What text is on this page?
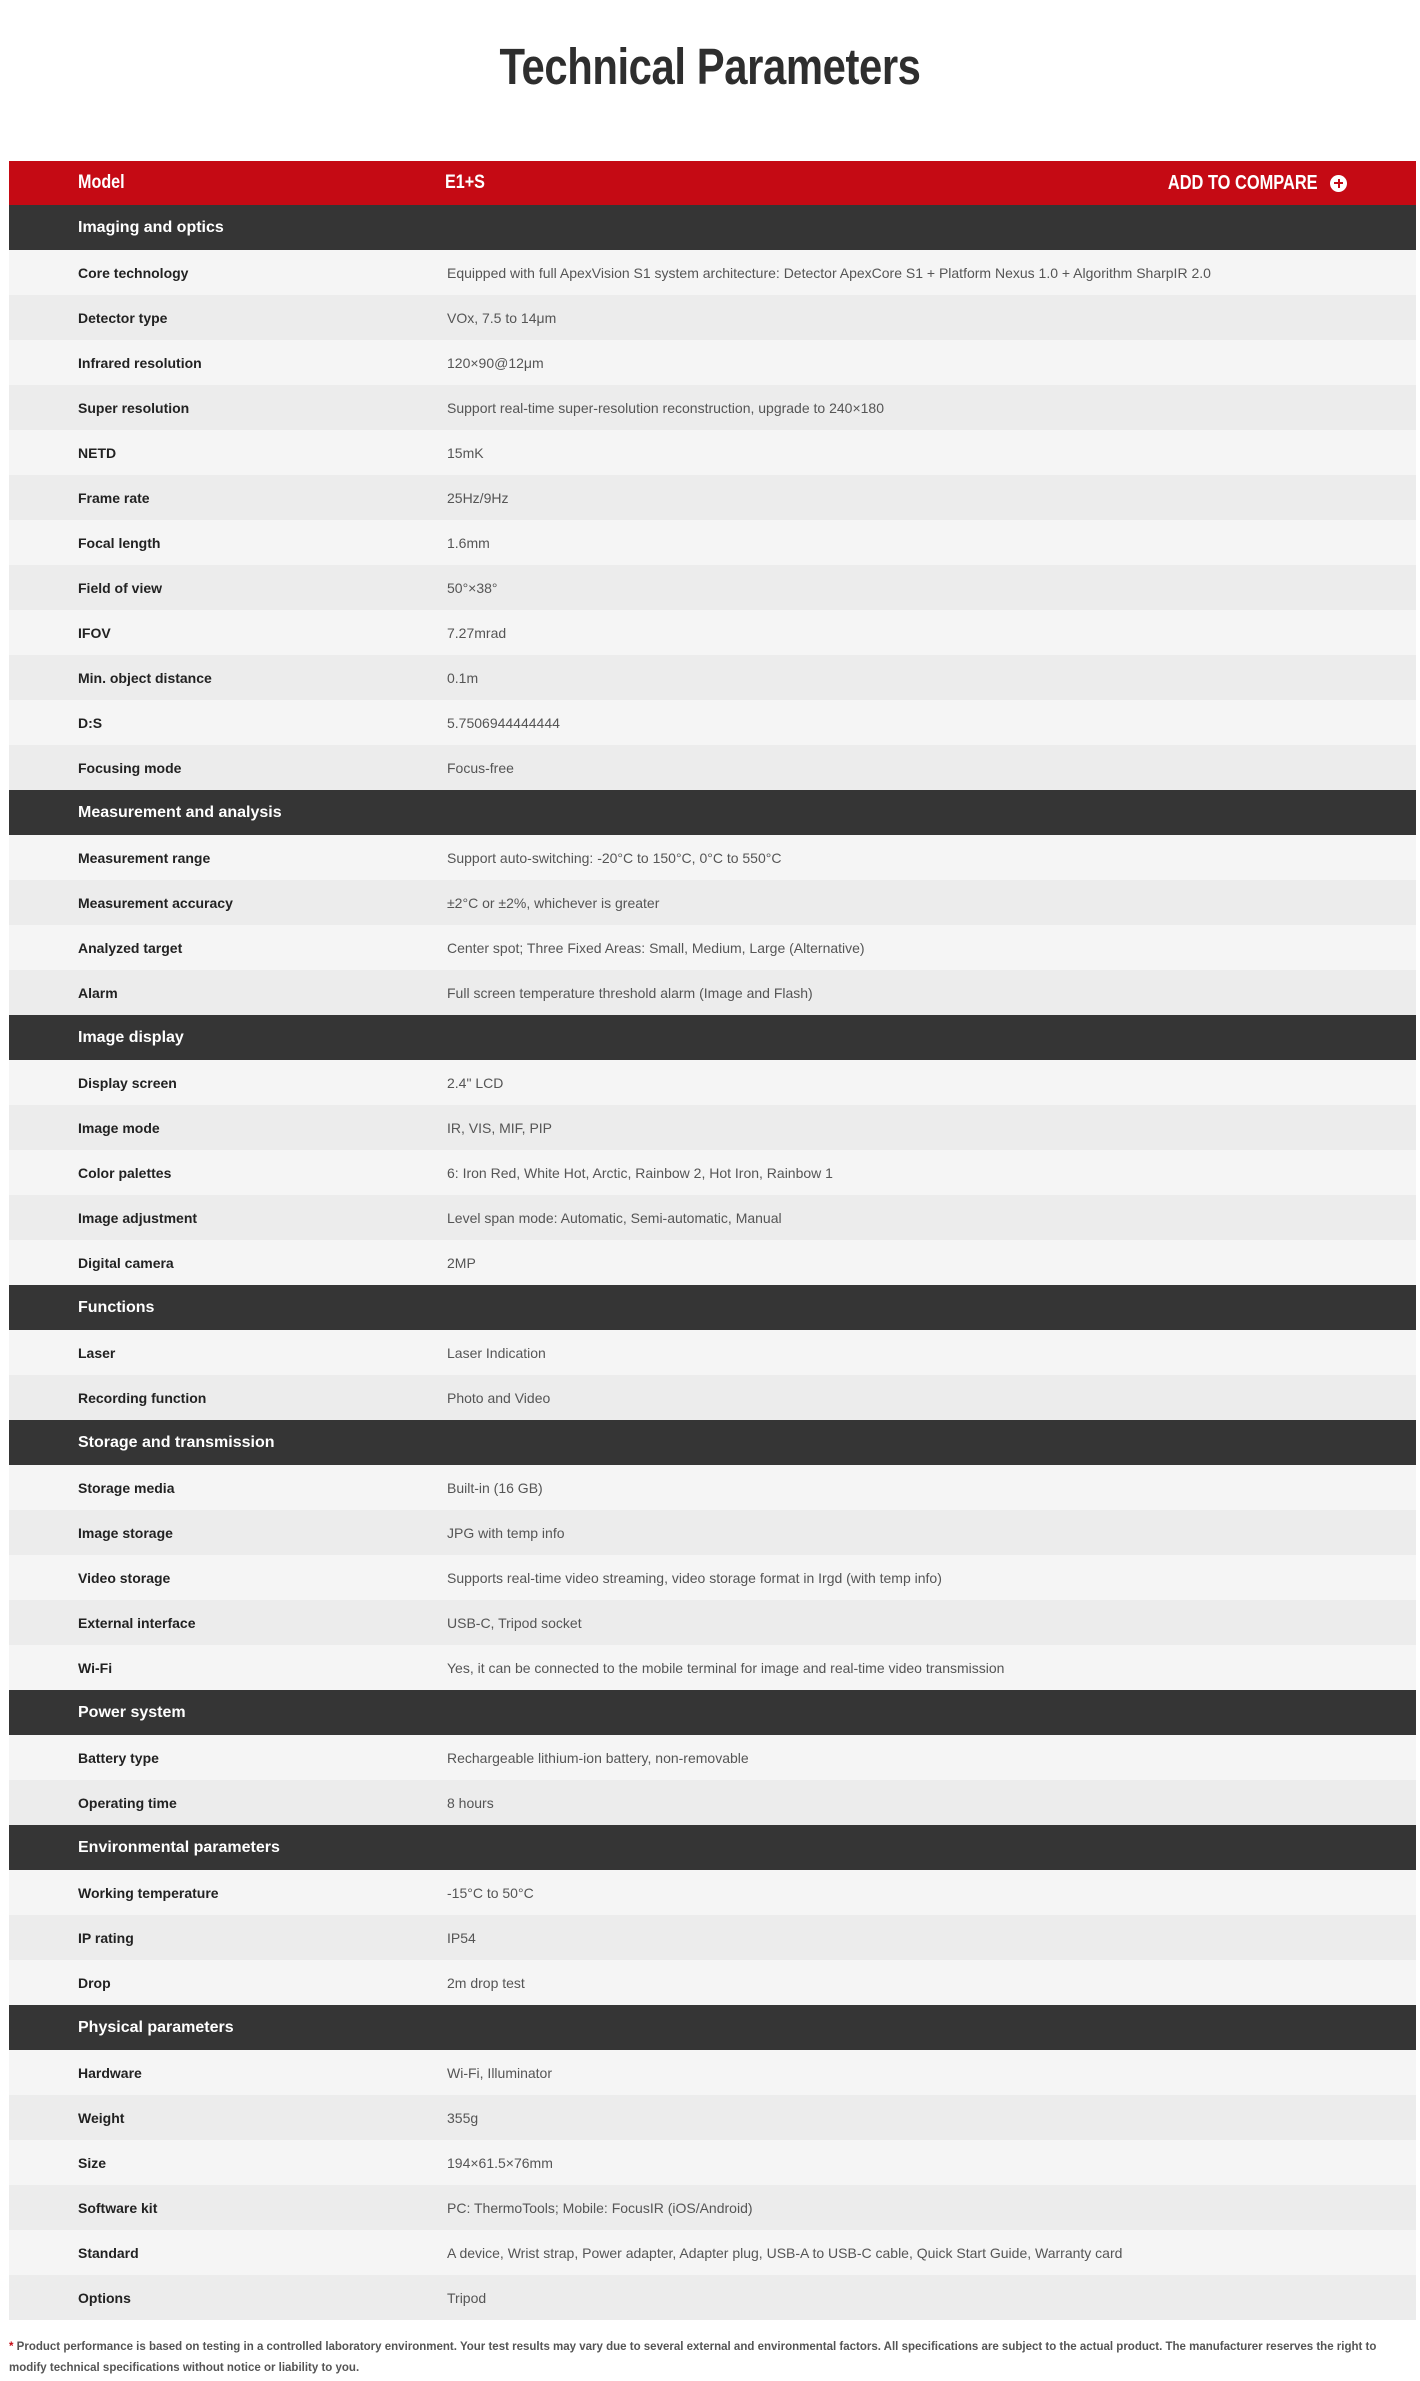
Technical Parameters
Model	E1+S	ADD TO COMPARE
Imaging and optics
Core technology	Equipped with full ApexVision S1 system architecture: Detector ApexCore S1 + Platform Nexus 1.0 + Algorithm SharpIR 2.0
Detector type	VOx, 7.5 to 14μm
Infrared resolution	120×90@12μm
Super resolution	Support real-time super-resolution reconstruction, upgrade to 240×180
NETD	15mK
Frame rate	25Hz/9Hz
Focal length	1.6mm
Field of view	50°×38°
IFOV	7.27mrad
Min. object distance	0.1m
D:S	5.7506944444444
Focusing mode	Focus-free
Measurement and analysis
Measurement range	Support auto-switching: -20°C to 150°C, 0°C to 550°C
Measurement accuracy	±2°C or ±2%, whichever is greater
Analyzed target	Center spot; Three Fixed Areas: Small, Medium, Large (Alternative)
Alarm	Full screen temperature threshold alarm (Image and Flash)
Image display
Display screen	2.4" LCD
Image mode	IR, VIS, MIF, PIP
Color palettes	6: Iron Red, White Hot, Arctic, Rainbow 2, Hot Iron, Rainbow 1
Image adjustment	Level span mode: Automatic, Semi-automatic, Manual
Digital camera	2MP
Functions
Laser	Laser Indication
Recording function	Photo and Video
Storage and transmission
Storage media	Built-in (16 GB)
Image storage	JPG with temp info
Video storage	Supports real-time video streaming, video storage format in Irgd (with temp info)
External interface	USB-C, Tripod socket
Wi-Fi	Yes, it can be connected to the mobile terminal for image and real-time video transmission
Power system
Battery type	Rechargeable lithium-ion battery, non-removable
Operating time	8 hours
Environmental parameters
Working temperature	-15°C to 50°C
IP rating	IP54
Drop	2m drop test
Physical parameters
Hardware	Wi-Fi, Illuminator
Weight	355g
Size	194×61.5×76mm
Software kit	PC: ThermoTools; Mobile: FocusIR (iOS/Android)
Standard	A device, Wrist strap, Power adapter, Adapter plug, USB-A to USB-C cable, Quick Start Guide, Warranty card
Options	Tripod
* Product performance is based on testing in a controlled laboratory environment. Your test results may vary due to several external and environmental factors. All specifications are subject to the actual product. The manufacturer reserves the right to modify technical specifications without notice or liability to you.
